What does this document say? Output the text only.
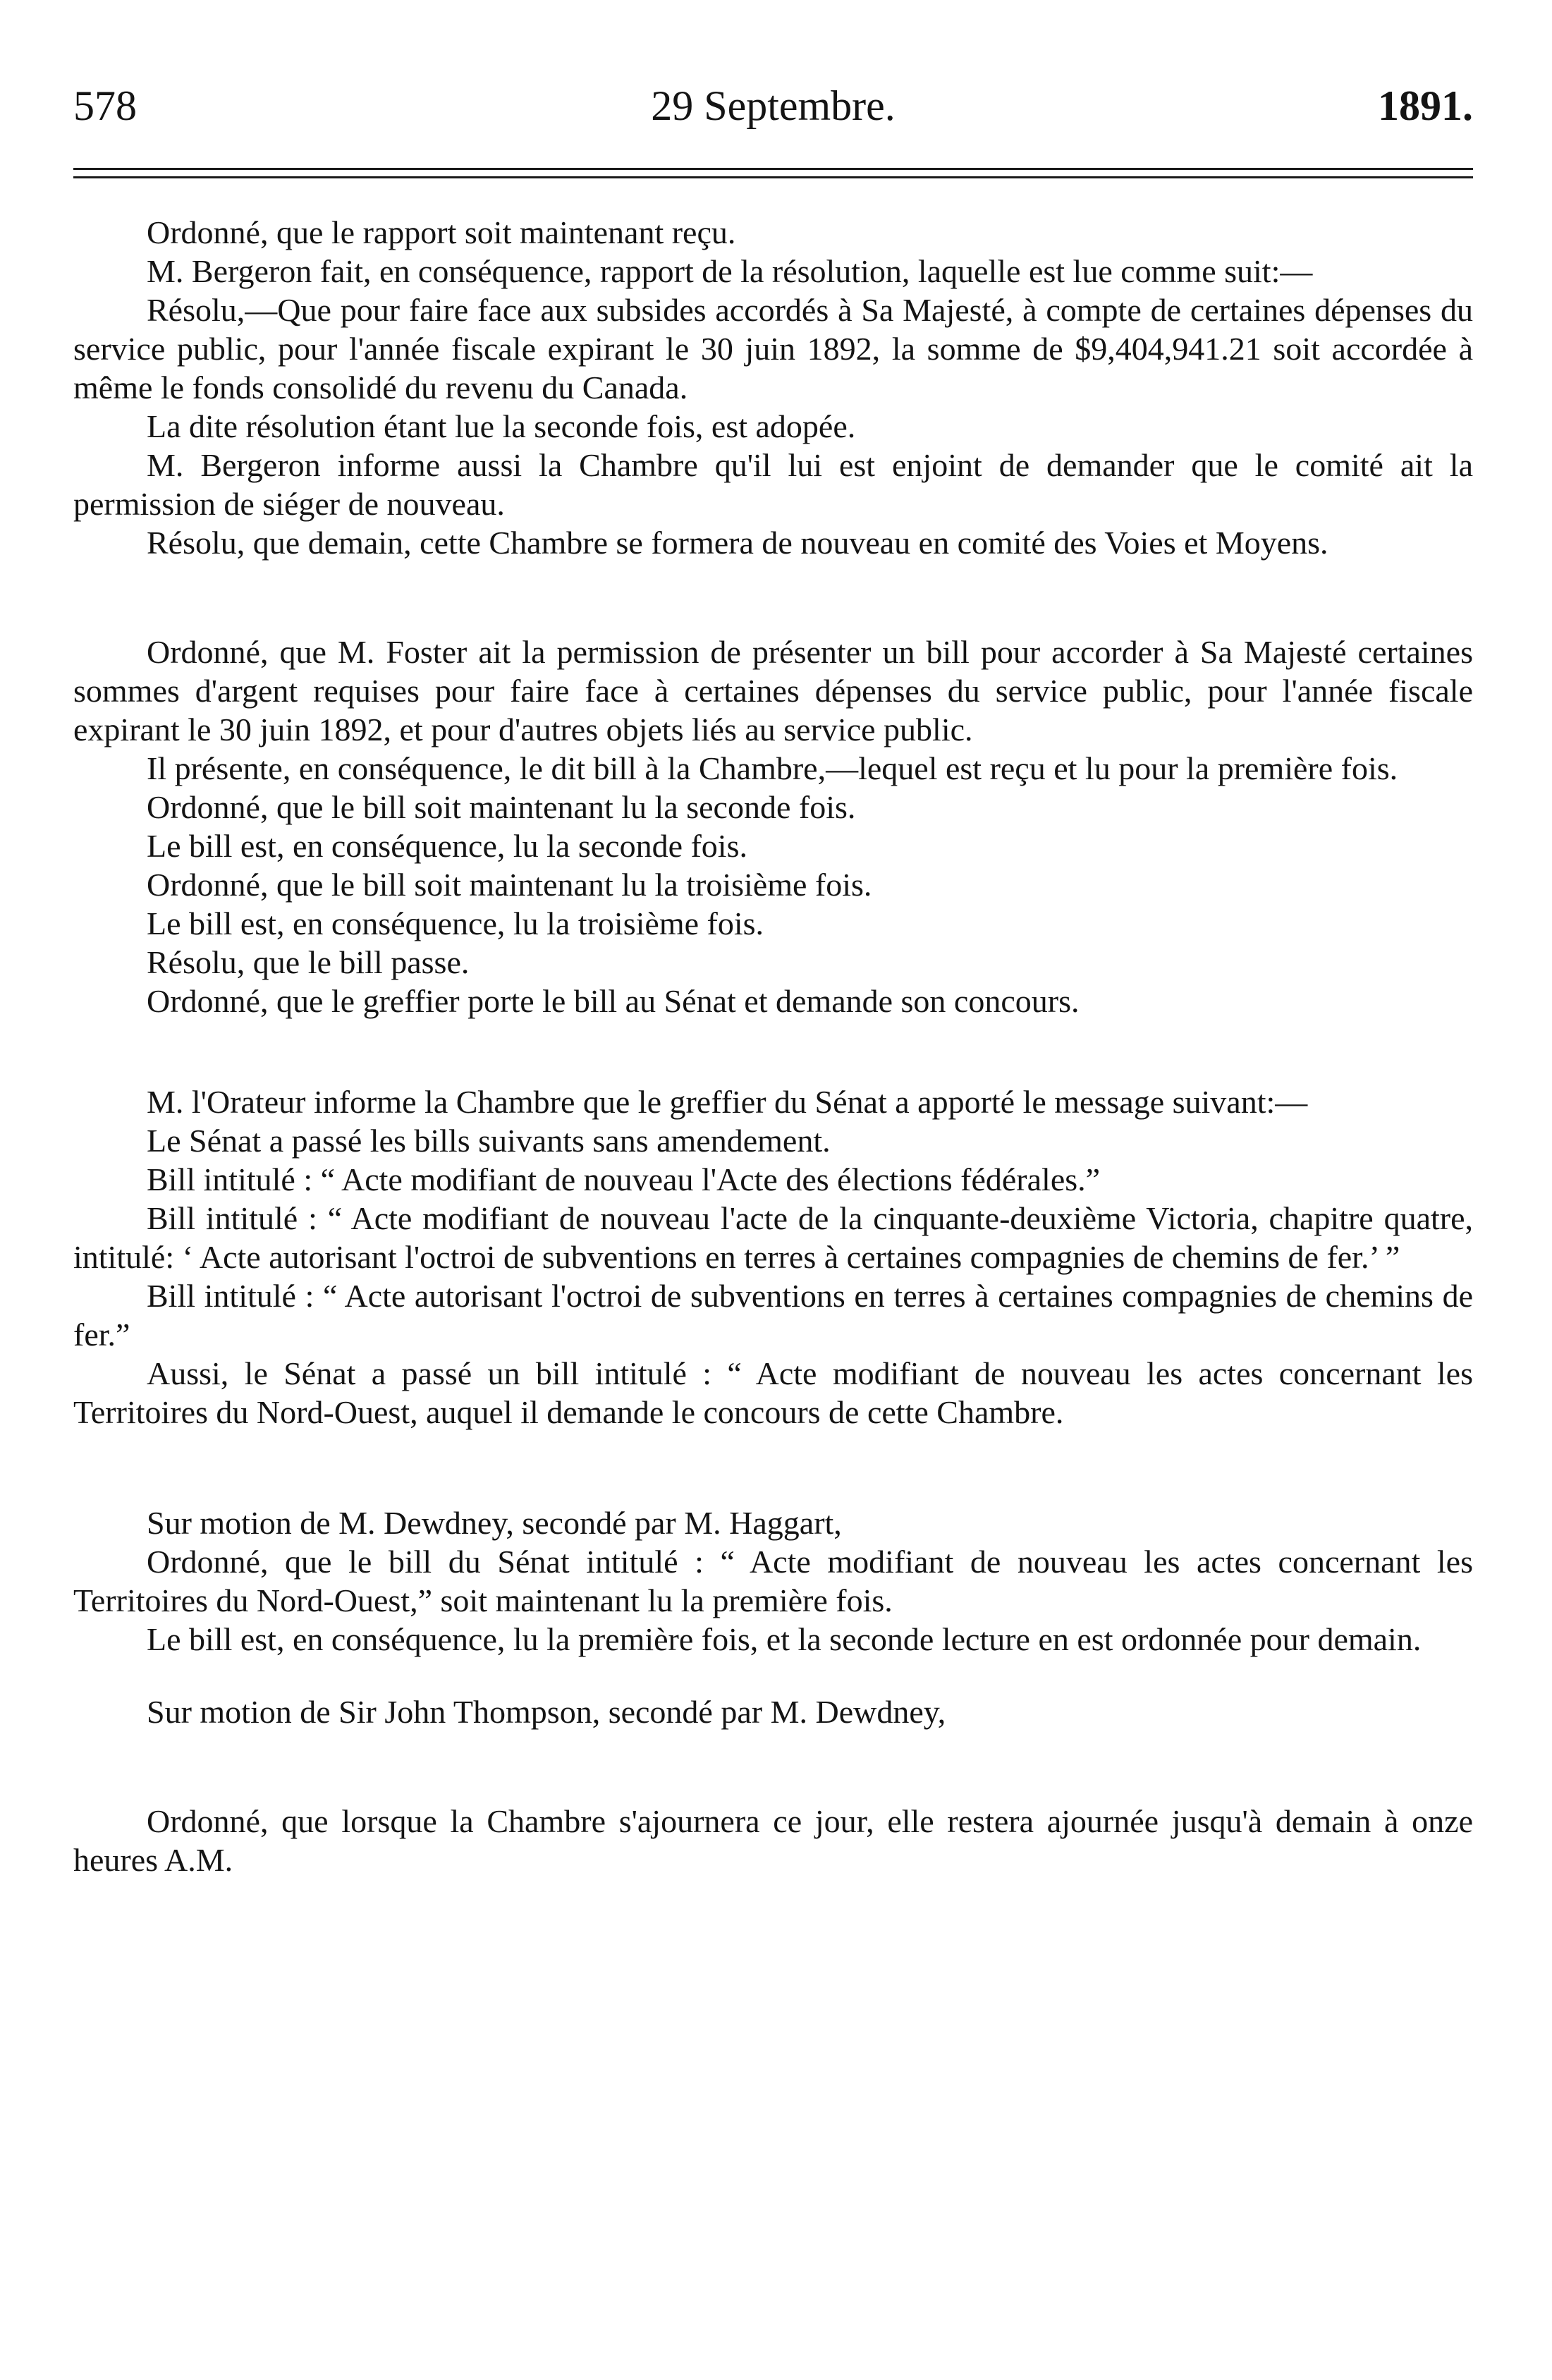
578	29 Septembre.	1891.

Ordonné, que le rapport soit maintenant reçu.

M. Bergeron fait, en conséquence, rapport de la résolution, laquelle est lue comme suit:—

Résolu,—Que pour faire face aux subsides accordés à Sa Majesté, à compte de certaines dépenses du service public, pour l'année fiscale expirant le 30 juin 1892, la somme de $9,404,941.21 soit accordée à même le fonds consolidé du revenu du Canada.

La dite résolution étant lue la seconde fois, est adopée.

M. Bergeron informe aussi la Chambre qu'il lui est enjoint de demander que le comité ait la permission de siéger de nouveau.

Résolu, que demain, cette Chambre se formera de nouveau en comité des Voies et Moyens.

Ordonné, que M. Foster ait la permission de présenter un bill pour accorder à Sa Majesté certaines sommes d'argent requises pour faire face à certaines dépenses du service public, pour l'année fiscale expirant le 30 juin 1892, et pour d'autres objets liés au service public.

Il présente, en conséquence, le dit bill à la Chambre,—lequel est reçu et lu pour la première fois.

Ordonné, que le bill soit maintenant lu la seconde fois.

Le bill est, en conséquence, lu la seconde fois.

Ordonné, que le bill soit maintenant lu la troisième fois.

Le bill est, en conséquence, lu la troisième fois.

Résolu, que le bill passe.

Ordonné, que le greffier porte le bill au Sénat et demande son concours.

M. l'Orateur informe la Chambre que le greffier du Sénat a apporté le message suivant:—

Le Sénat a passé les bills suivants sans amendement.

Bill intitulé : “ Acte modifiant de nouveau l'Acte des élections fédérales.”

Bill intitulé : “ Acte modifiant de nouveau l'acte de la cinquante-deuxième Victoria, chapitre quatre, intitulé: ‘ Acte autorisant l'octroi de subventions en terres à certaines compagnies de chemins de fer.’ ”

Bill intitulé : “ Acte autorisant l'octroi de subventions en terres à certaines compagnies de chemins de fer.”

Aussi, le Sénat a passé un bill intitulé : “ Acte modifiant de nouveau les actes concernant les Territoires du Nord-Ouest, auquel il demande le concours de cette Chambre.

Sur motion de M. Dewdney, secondé par M. Haggart,

Ordonné, que le bill du Sénat intitulé : “ Acte modifiant de nouveau les actes concernant les Territoires du Nord-Ouest,” soit maintenant lu la première fois.

Le bill est, en conséquence, lu la première fois, et la seconde lecture en est ordonnée pour demain.

Sur motion de Sir John Thompson, secondé par M. Dewdney,

Ordonné, que lorsque la Chambre s'ajournera ce jour, elle restera ajournée jusqu'à demain à onze heures A.M.
